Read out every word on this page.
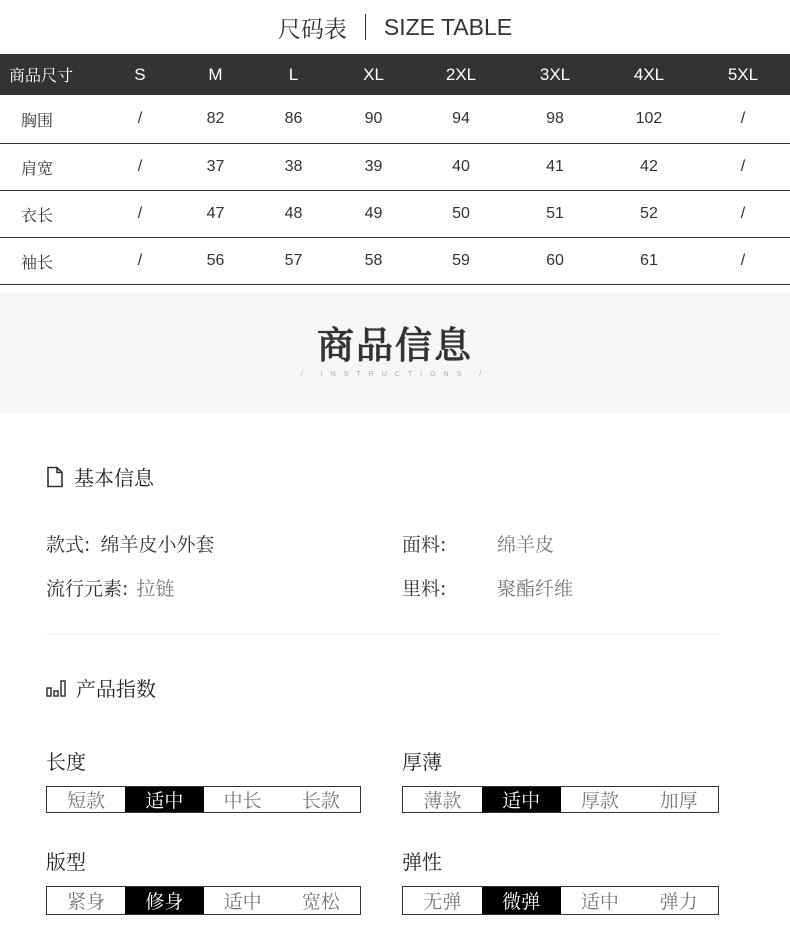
尺码表 SIZE TABLE
商品尺寸	S	M	L	XL	2XL	3XL	4XL	5XL
胸围	/	82	86	90	94	98	102	/
肩宽	/	37	38	39	40	41	42	/
衣长	/	47	48	49	50	51	52	/
袖长	/	56	57	58	59	60	61	/
商品信息
/ INSTRUCTIONS /
基本信息
款式: 绵羊皮小外套	面料:	绵羊皮
流行元素: 拉链	里料:	聚酯纤维
产品指数
长度
短款	适中	中长	长款
厚薄
薄款	适中	厚款	加厚
版型
紧身	修身	适中	宽松
弹性
无弹	微弹	适中	弹力
